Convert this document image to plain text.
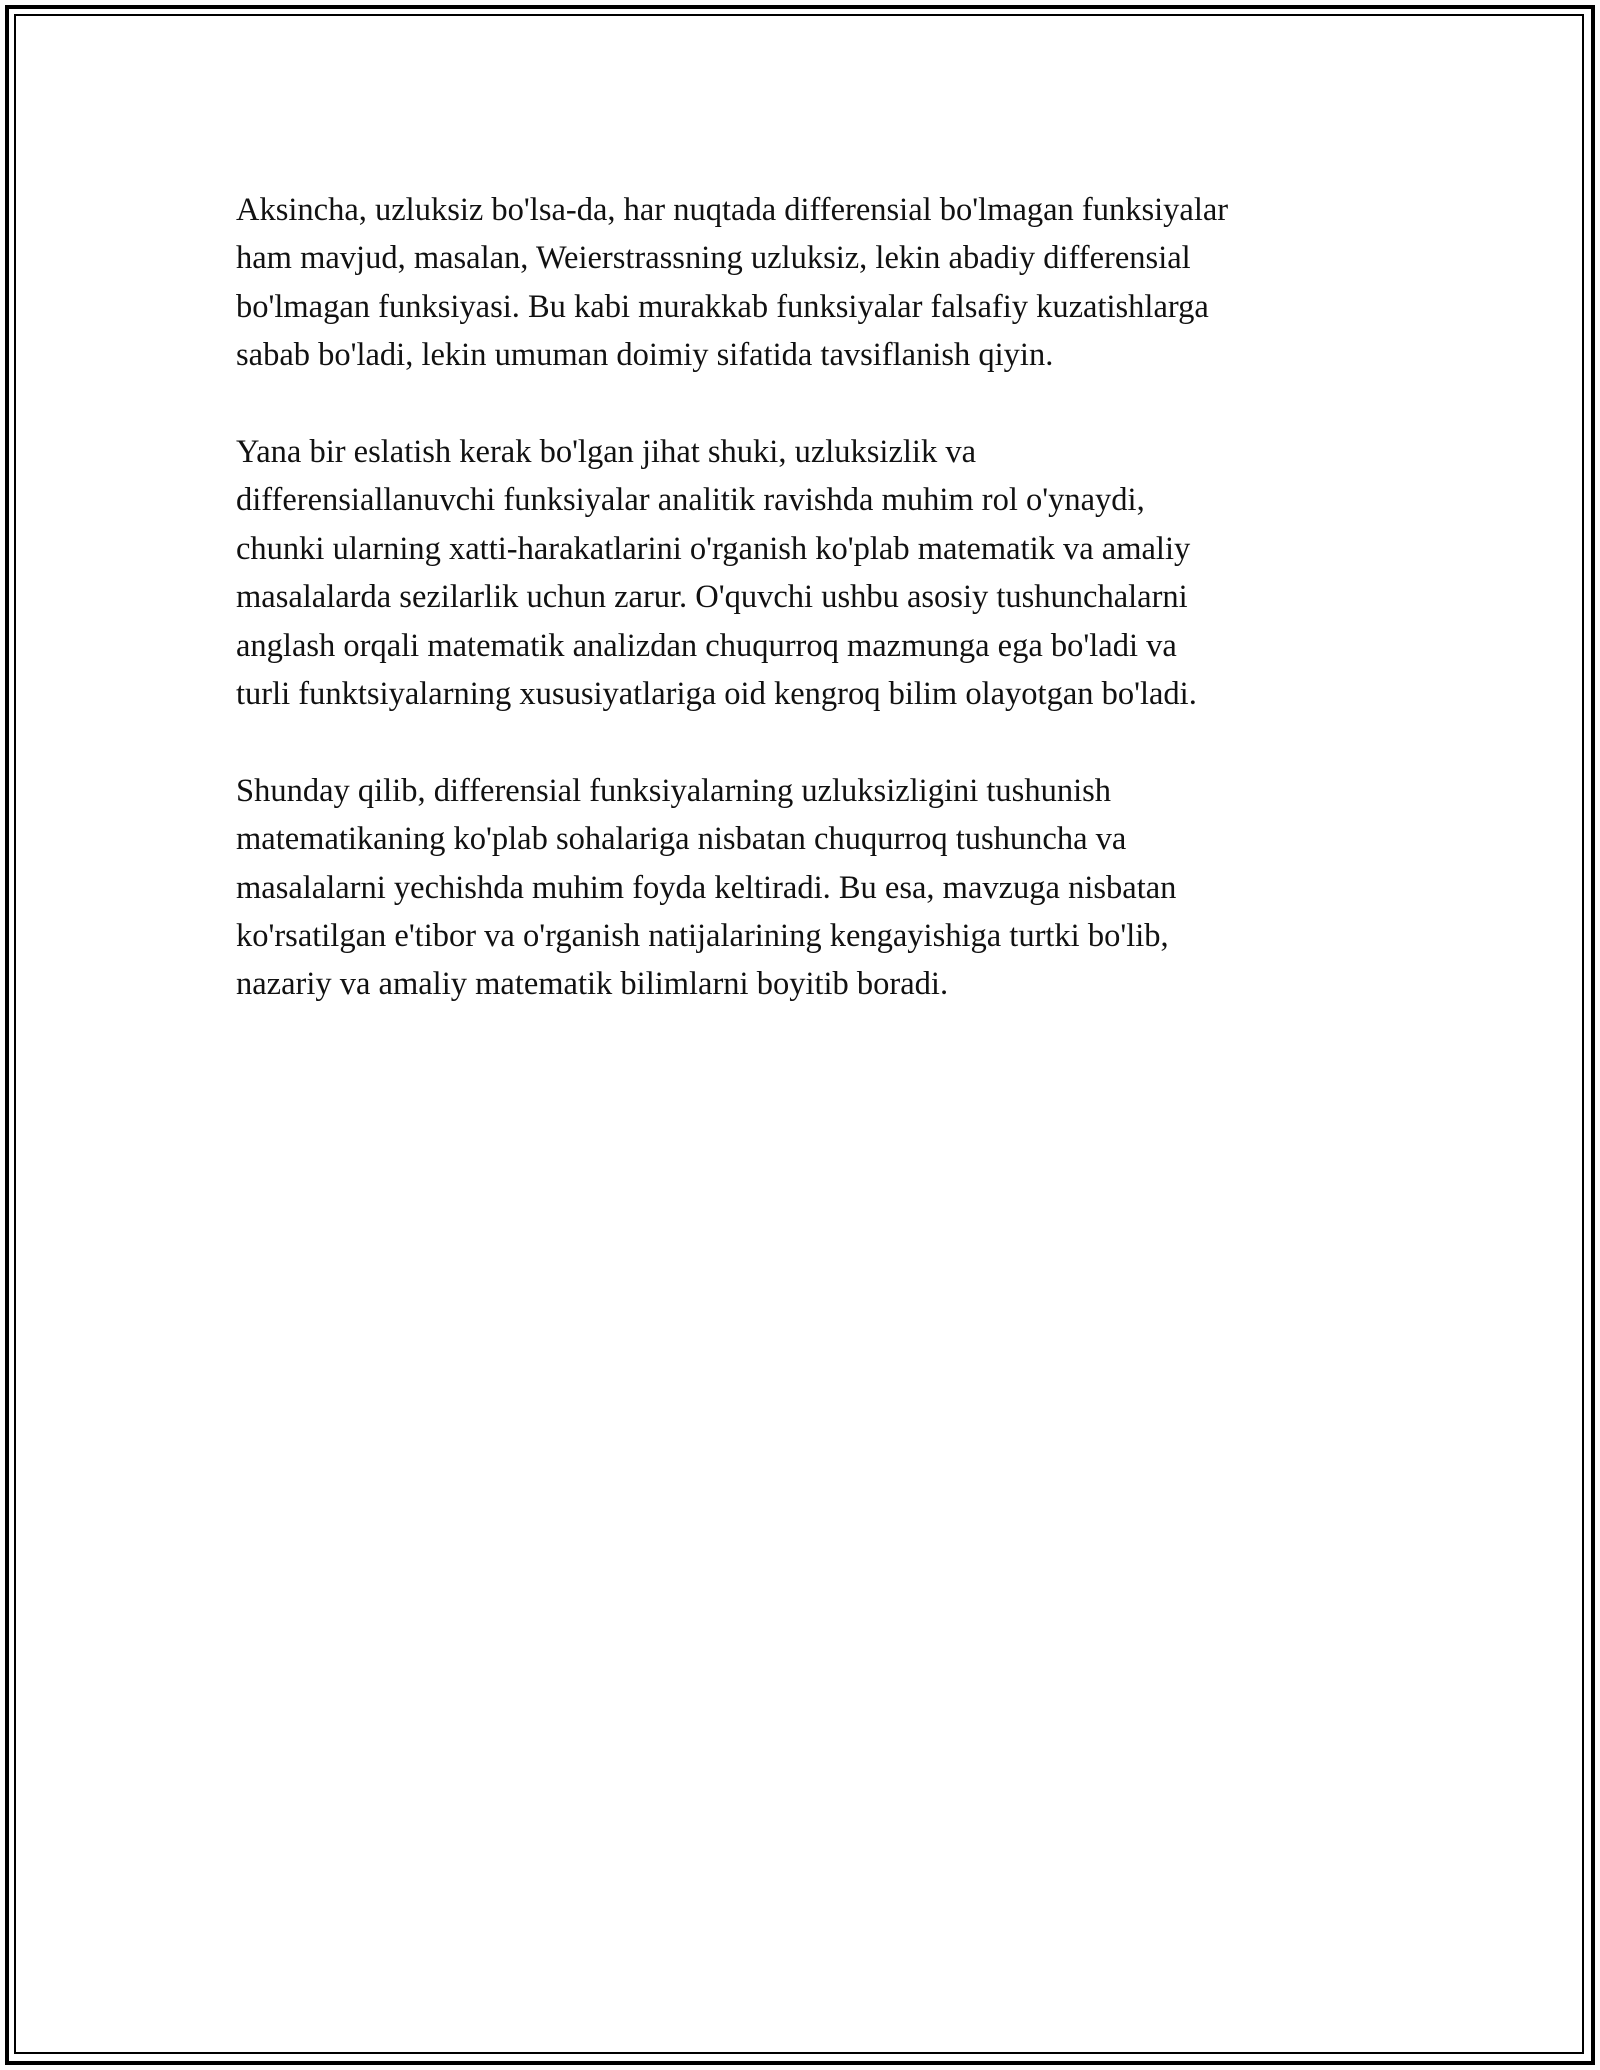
Aksincha, uzluksiz bo'lsa-da, har nuqtada differensial bo'lmagan funksiyalar
ham mavjud, masalan, Weierstrassning uzluksiz, lekin abadiy differensial
bo'lmagan funksiyasi. Bu kabi murakkab funksiyalar falsafiy kuzatishlarga
sabab bo'ladi, lekin umuman doimiy sifatida tavsiflanish qiyin.

Yana bir eslatish kerak bo'lgan jihat shuki, uzluksizlik va
differensiallanuvchi funksiyalar analitik ravishda muhim rol o'ynaydi,
chunki ularning xatti-harakatlarini o'rganish ko'plab matematik va amaliy
masalalarda sezilarlik uchun zarur. O'quvchi ushbu asosiy tushunchalarni
anglash orqali matematik analizdan chuqurroq mazmunga ega bo'ladi va
turli funktsiyalarning xususiyatlariga oid kengroq bilim olayotgan bo'ladi.

Shunday qilib, differensial funksiyalarning uzluksizligini tushunish
matematikaning ko'plab sohalariga nisbatan chuqurroq tushuncha va
masalalarni yechishda muhim foyda keltiradi. Bu esa, mavzuga nisbatan
ko'rsatilgan e'tibor va o'rganish natijalarining kengayishiga turtki bo'lib,
nazariy va amaliy matematik bilimlarni boyitib boradi.
